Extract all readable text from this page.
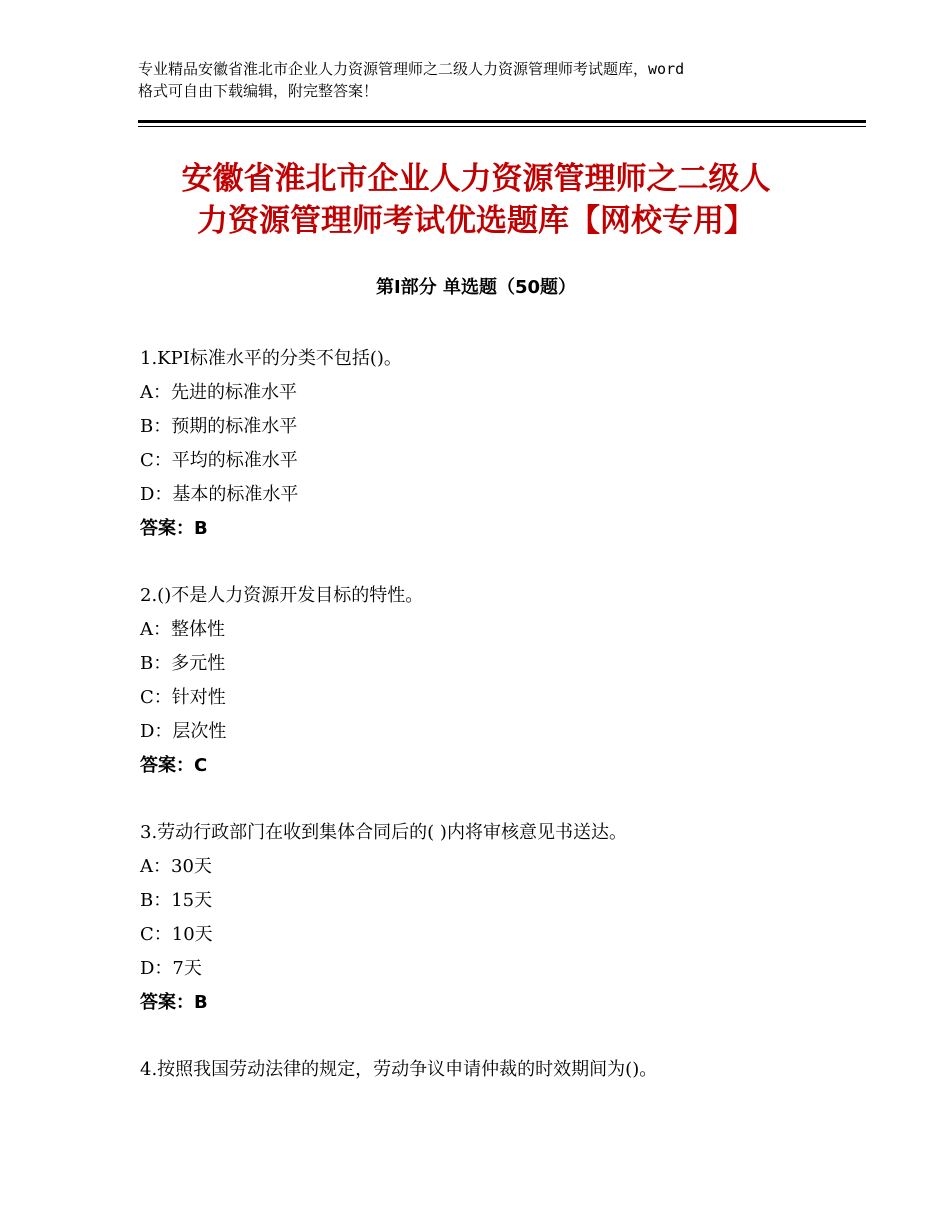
专业精品安徽省淮北市企业人力资源管理师之二级人力资源管理师考试题库，word
格式可自由下载编辑，附完整答案！
安徽省淮北市企业人力资源管理师之二级人
力资源管理师考试优选题库【网校专用】
第Ⅰ部分 单选题（50题）
1.KPI标准水平的分类不包括()。
A：先进的标准水平
B：预期的标准水平
C：平均的标准水平
D：基本的标准水平
答案：B
2.()不是人力资源开发目标的特性。
A：整体性
B：多元性
C：针对性
D：层次性
答案：C
3.劳动行政部门在收到集体合同后的( )内将审核意见书送达。
A：30天
B：15天
C：10天
D：7天
答案：B
4.按照我国劳动法律的规定，劳动争议申请仲裁的时效期间为()。
